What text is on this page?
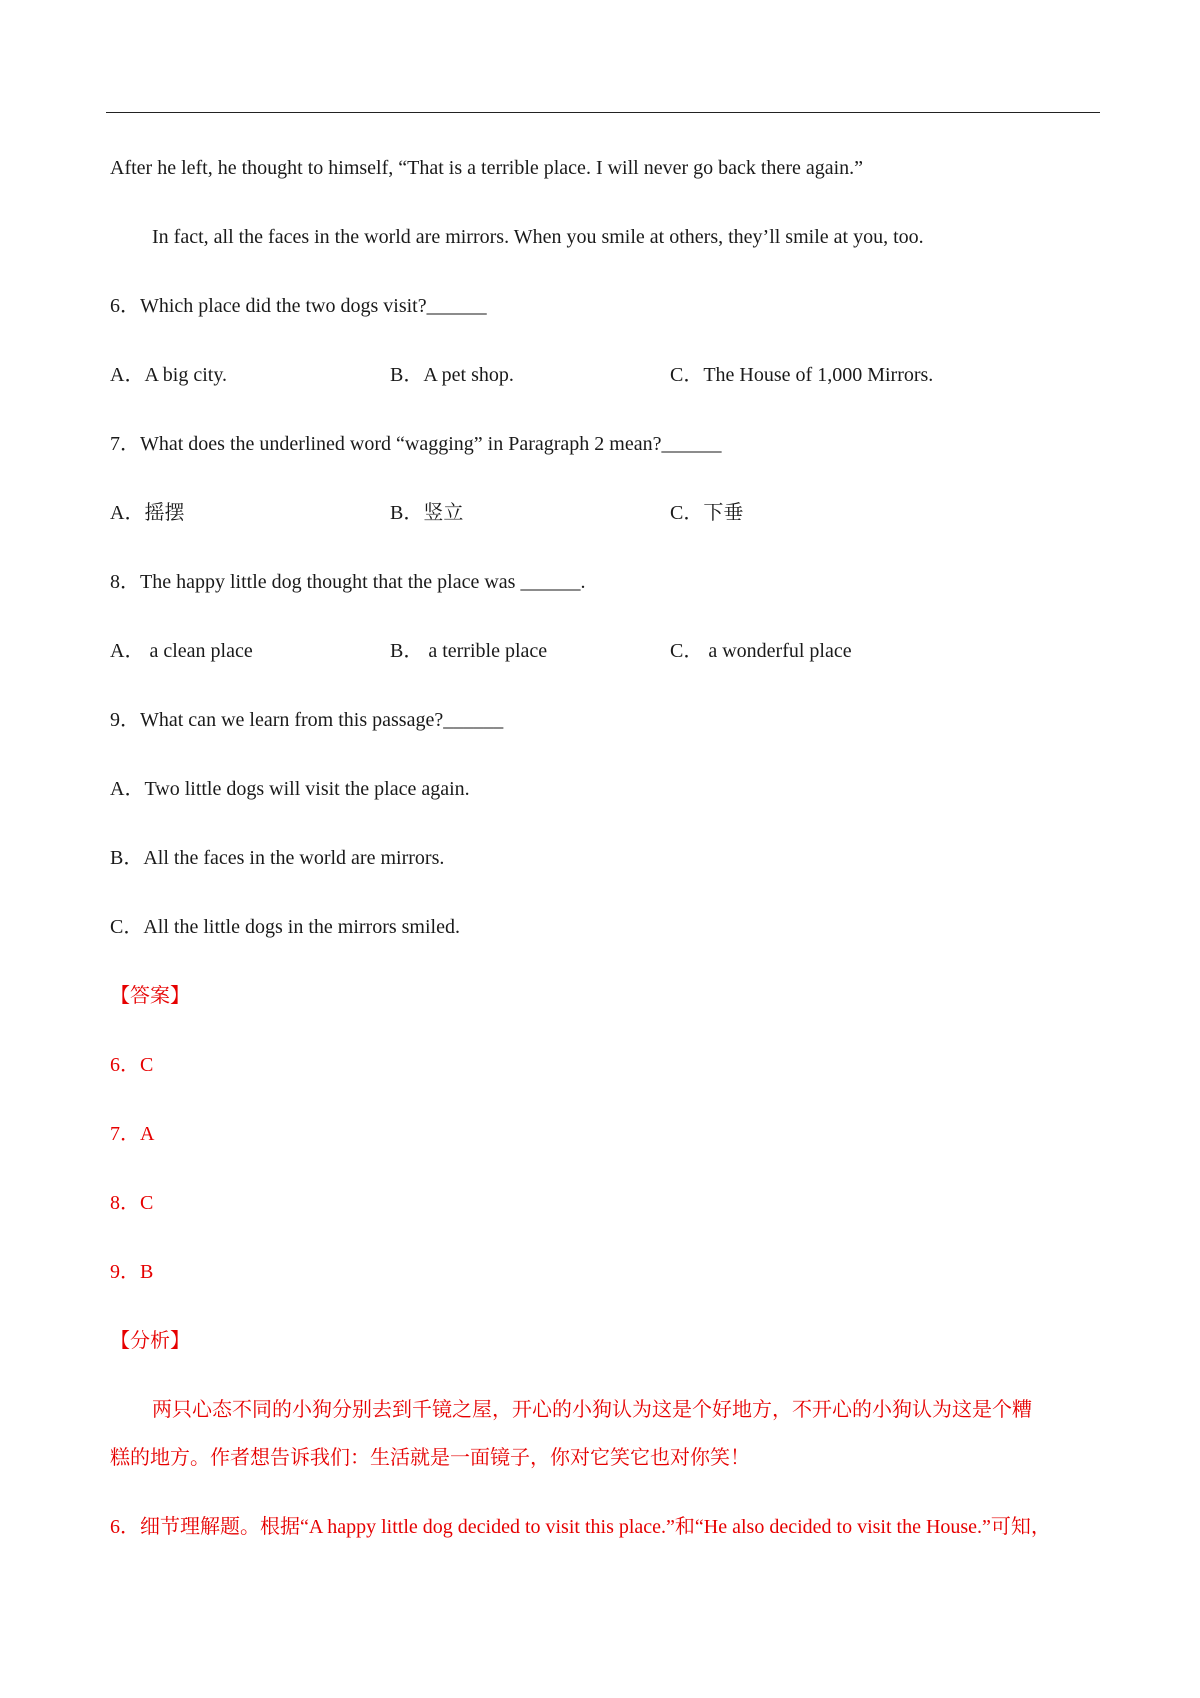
After he left, he thought to himself, “That is a terrible place. I will never go back there again.”
In fact, all the faces in the world are mirrors. When you smile at others, they’ll smile at you, too.
6．Which place did the two dogs visit?______
A．A big city.	B．A pet shop.	C．The House of 1,000 Mirrors.
7．What does the underlined word “wagging” in Paragraph 2 mean?______
A．摇摆	B．竖立	C．下垂
8．The happy little dog thought that the place was ______.
A． a clean place	B． a terrible place	C． a wonderful place
9．What can we learn from this passage?______
A．Two little dogs will visit the place again.
B．All the faces in the world are mirrors.
C．All the little dogs in the mirrors smiled.
【答案】
6．C
7．A
8．C
9．B
【分析】
两只心态不同的小狗分别去到千镜之屋，开心的小狗认为这是个好地方，不开心的小狗认为这是个糟
糕的地方。作者想告诉我们：生活就是一面镜子，你对它笑它也对你笑！
6．细节理解题。根据“A happy little dog decided to visit this place.”和“He also decided to visit the House.”可知，
